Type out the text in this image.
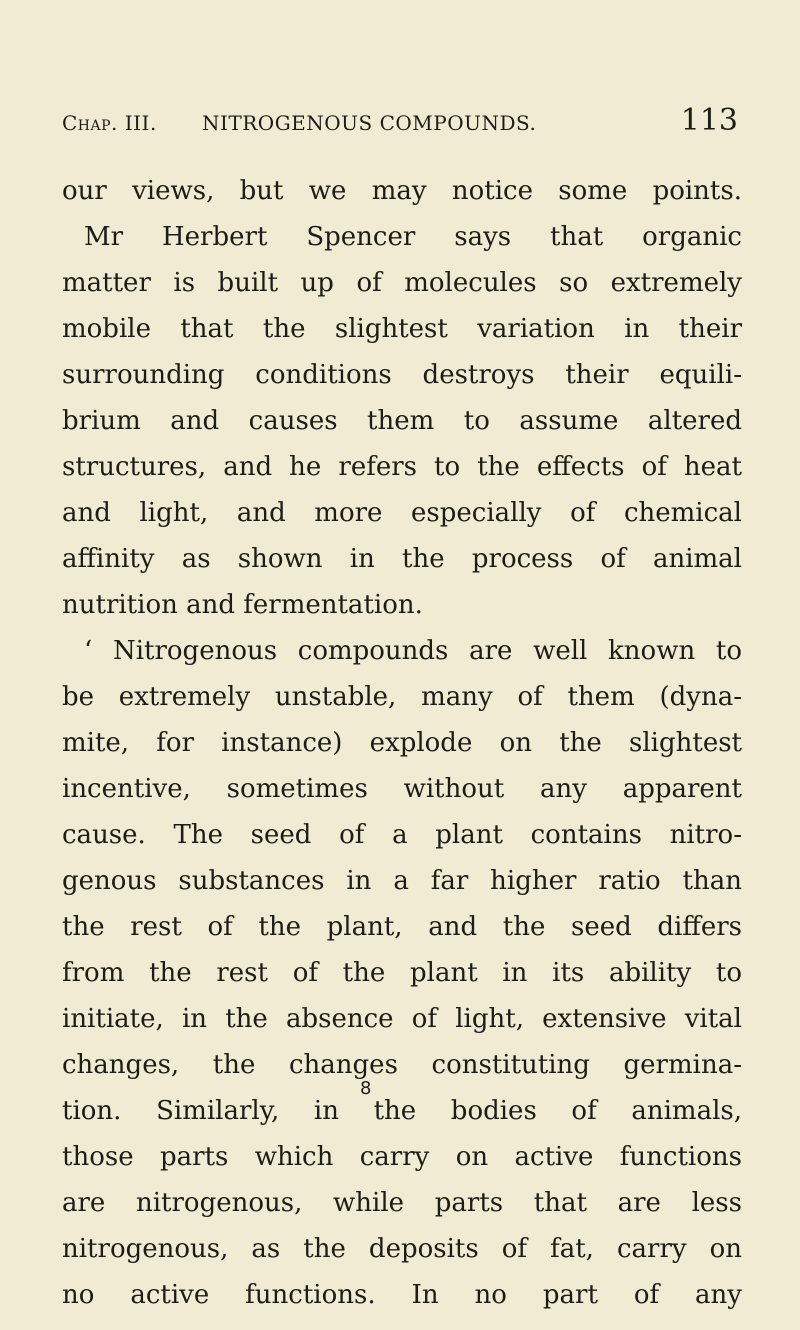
Chap. III. NITROGENOUS COMPOUNDS.	113
our views, but we may notice some points.
Mr Herbert Spencer says that organic
matter is built up of molecules so extremely
mobile that the slightest variation in their
surrounding conditions destroys their equili-
brium and causes them to assume altered
structures, and he refers to the effects of heat
and light, and more especially of chemical
affinity as shown in the process of animal
nutrition and fermentation.
‘ Nitrogenous compounds are well known to
be extremely unstable, many of them (dyna-
mite, for instance) explode on the slightest
incentive, sometimes without any apparent
cause. The seed of a plant contains nitro-
genous substances in a far higher ratio than
the rest of the plant, and the seed differs
from the rest of the plant in its ability to
initiate, in the absence of light, extensive vital
changes, the changes constituting germina-
tion. Similarly, in the bodies of animals,
those parts which carry on active functions
are nitrogenous, while parts that are less
nitrogenous, as the deposits of fat, carry on
no active functions. In no part of any
8
